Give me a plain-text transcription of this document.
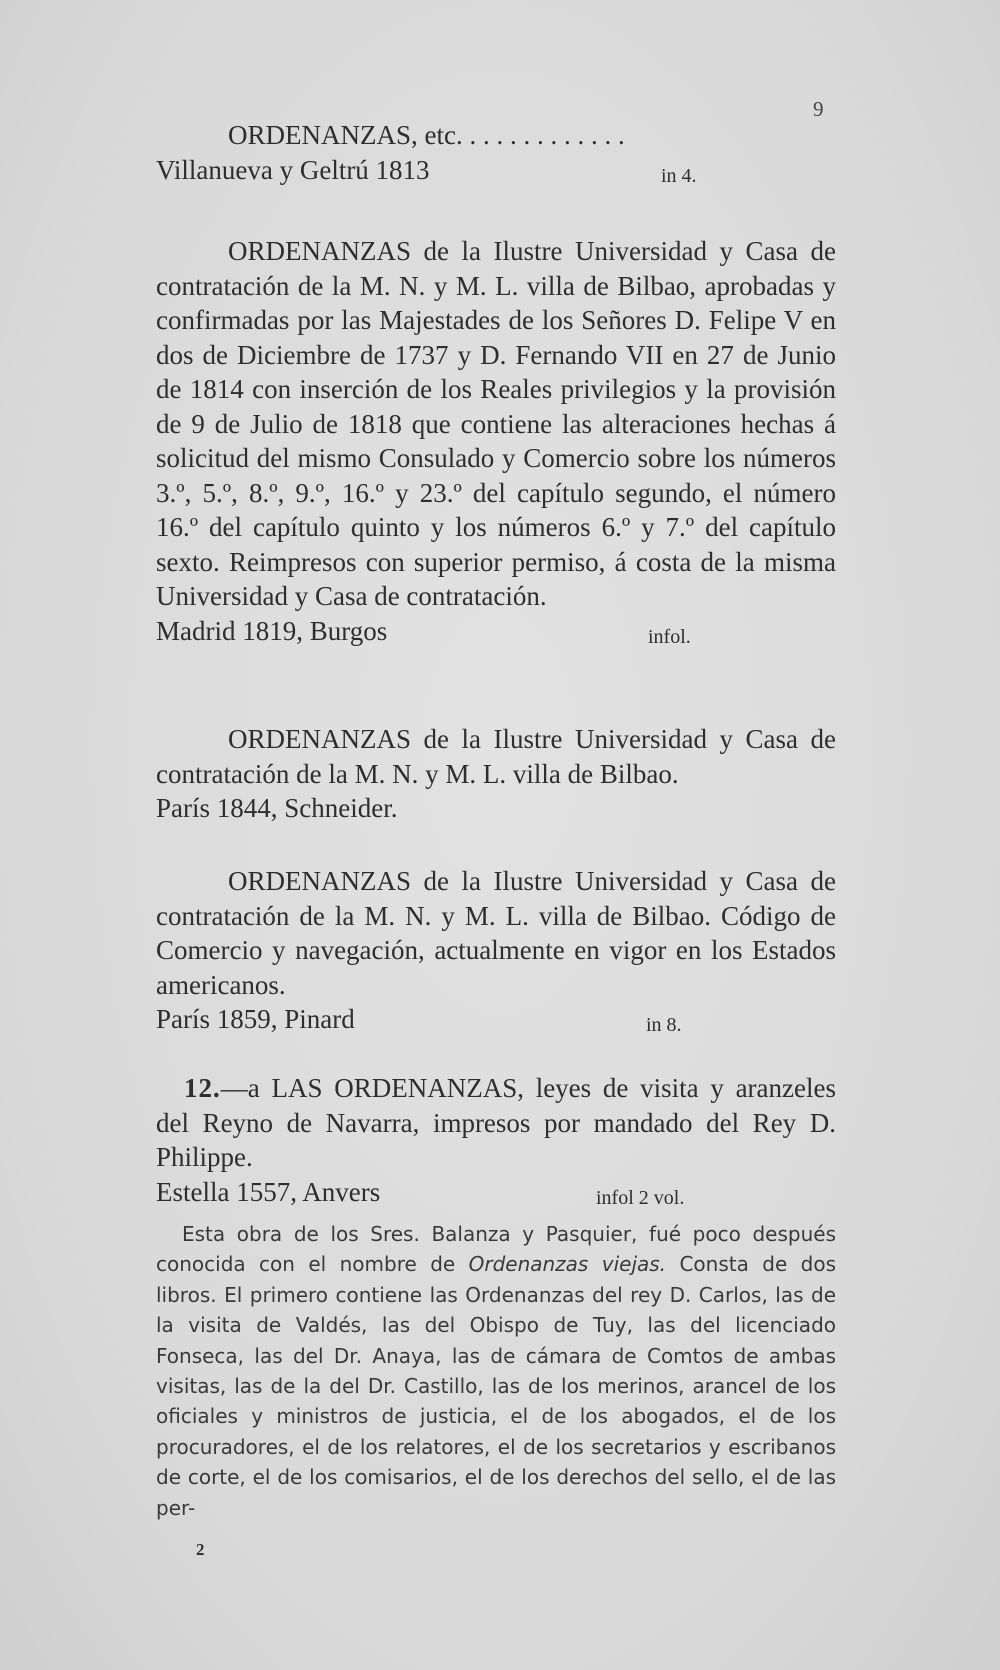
9

ORDENANZAS, etc. . . . . . . . . . . . .

Villanueva y Geltrú 1813	in 4.

ORDENANZAS de la Ilustre Universidad y Casa de contratación de la M. N. y M. L. villa de Bilbao, aprobadas y confirmadas por las Majestades de los Señores D. Felipe V en dos de Diciembre de 1737 y D. Fernando VII en 27 de Junio de 1814 con inserción de los Reales privilegios y la provisión de 9 de Julio de 1818 que contiene las alteraciones hechas á solicitud del mismo Consulado y Comercio sobre los números 3.º, 5.º, 8.º, 9.º, 16.º y 23.º del capítulo segundo, el número 16.º del capítulo quinto y los números 6.º y 7.º del capítulo sexto. Reimpresos con superior permiso, á costa de la misma Universidad y Casa de contratación.

Madrid 1819, Burgos	infol.

ORDENANZAS de la Ilustre Universidad y Casa de contratación de la M. N. y M. L. villa de Bilbao.

París 1844, Schneider.

ORDENANZAS de la Ilustre Universidad y Casa de contratación de la M. N. y M. L. villa de Bilbao. Código de Comercio y navegación, actualmente en vigor en los Estados americanos.

París 1859, Pinard	in 8.

12.—a LAS ORDENANZAS, leyes de visita y aranzeles del Reyno de Navarra, impresos por mandado del Rey D. Philippe.

Estella 1557, Anvers	infol 2 vol.

Esta obra de los Sres. Balanza y Pasquier, fué poco después conocida con el nombre de Ordenanzas viejas. Consta de dos libros. El primero contiene las Ordenanzas del rey D. Carlos, las de la visita de Valdés, las del Obispo de Tuy, las del licenciado Fonseca, las del Dr. Anaya, las de cámara de Comtos de ambas visitas, las de la del Dr. Castillo, las de los merinos, arancel de los oficiales y ministros de justicia, el de los abogados, el de los procuradores, el de los relatores, el de los secretarios y escribanos de corte, el de los comisarios, el de los derechos del sello, el de las per-

2
